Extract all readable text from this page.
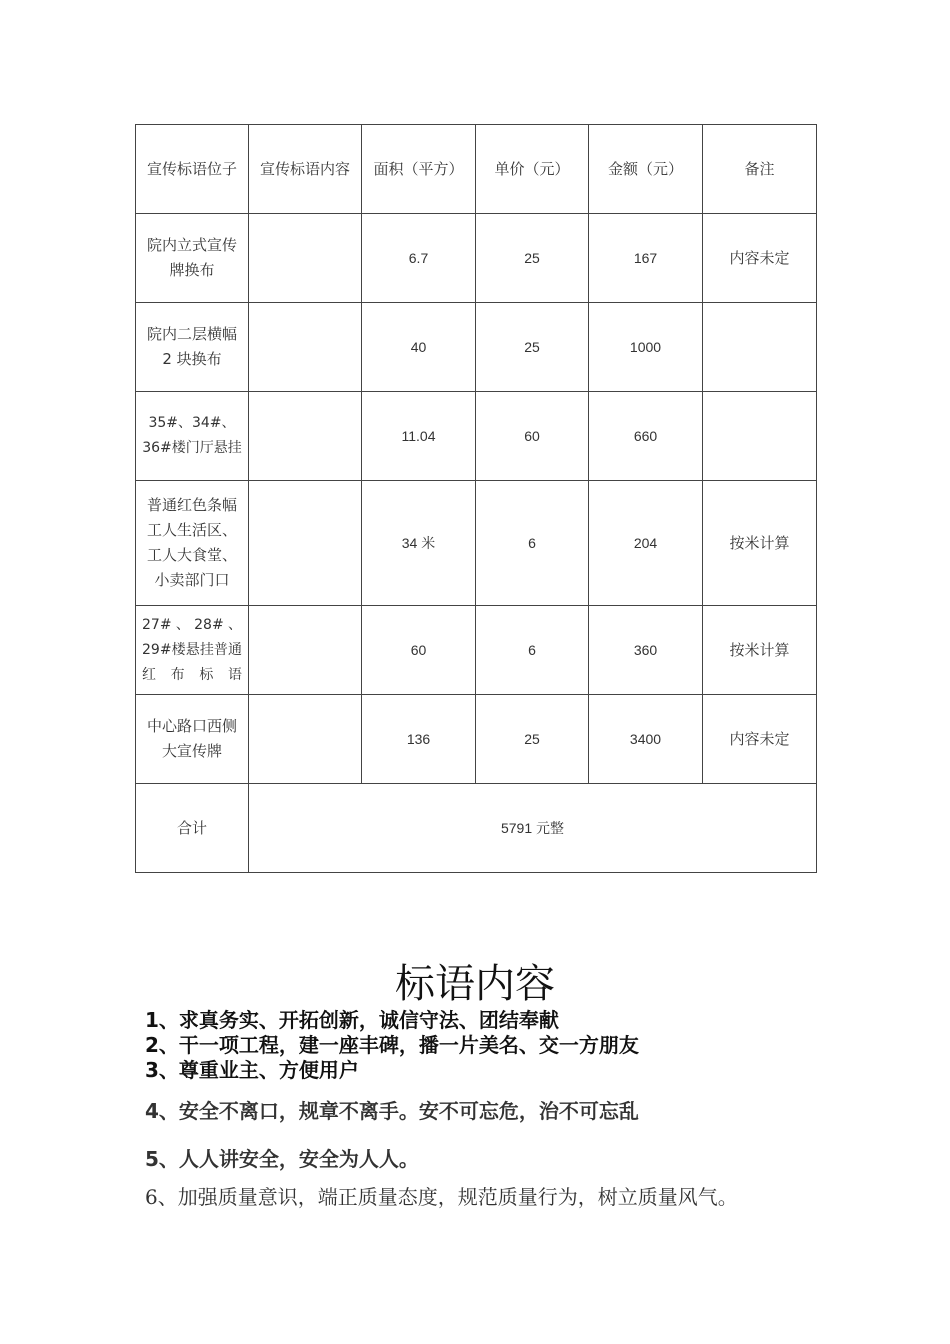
宣传标语位子	宣传标语内容	面积（平方）	单价（元）	金额（元）	备注
院内立式宣传牌换布		6.7	25	167	内容未定
院内二层横幅 2 块换布		40	25	1000	
35#、34#、36#楼门厅悬挂		11.04	60	660	
普通红色条幅工人生活区、工人大食堂、小卖部门口		34 米	6	204	按米计算
27#、28#、29#楼悬挂普通红布标语		60	6	360	按米计算
中心路口西侧大宣传牌		136	25	3400	内容未定
合计	5791 元整				
标语内容
1、求真务实、开拓创新，诚信守法、团结奉献
2、干一项工程，建一座丰碑，播一片美名、交一方朋友
3、尊重业主、方便用户
4、安全不离口，规章不离手。安不可忘危，治不可忘乱
5、人人讲安全，安全为人人。
6、加强质量意识，端正质量态度，规范质量行为，树立质量风气。
